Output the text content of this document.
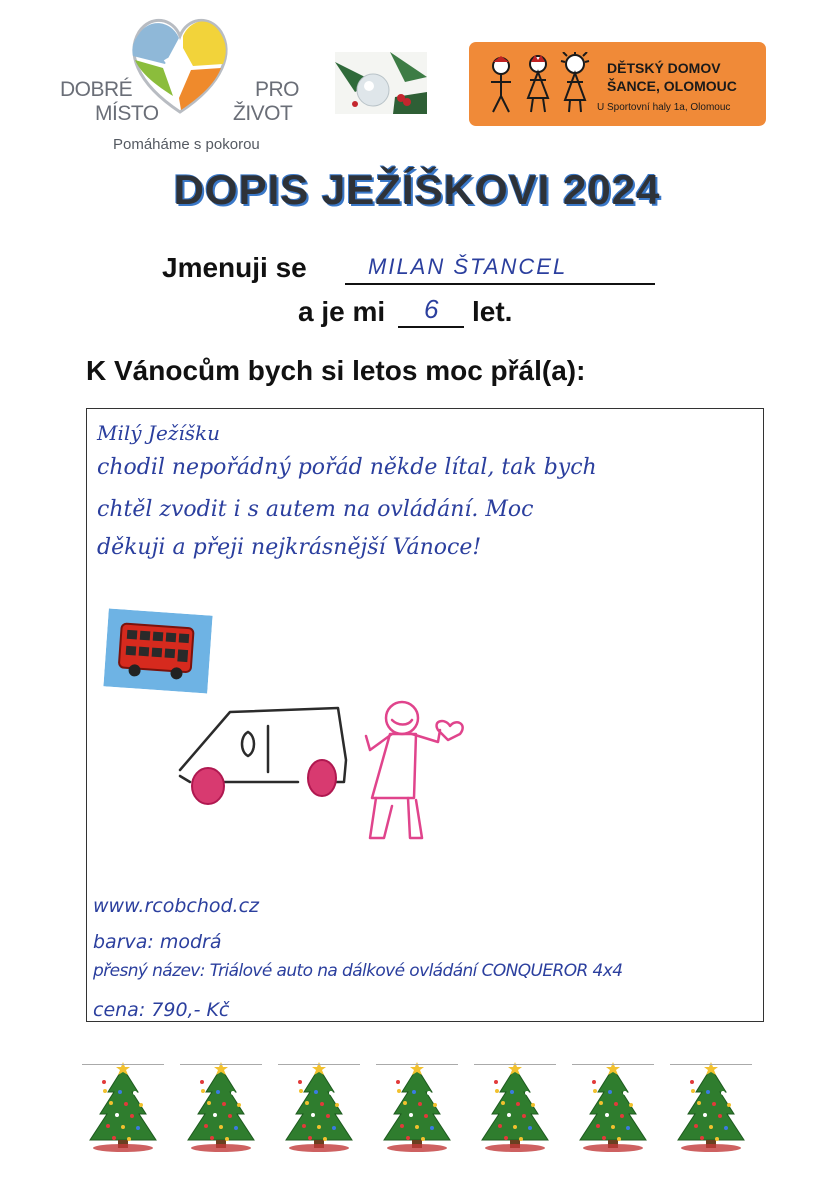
DOBRÉ
MÍSTO
PRO
ŽIVOT
Pomáháme s pokorou
DĚTSKÝ DOMOV
ŠANCE, OLOMOUC
U Sportovní haly 1a, Olomouc
DOPIS JEŽÍŠKOVI 2024
Jmenuji se	MILAN ŠTANCEL
a je mi 6 let.
K Vánocům bych si letos moc přál(a):
Milý Ježíšku
chodil nepořádný pořád někde lítal, tak bych
chtěl zvodit i s autem na ovládání. Moc
děkuji a přeji nejkrásnější Vánoce!
www.rcobchod.cz
barva: modrá
přesný název: Triálové auto na dálkové ovládání CONQUEROR 4x4
cena: 790,- Kč
